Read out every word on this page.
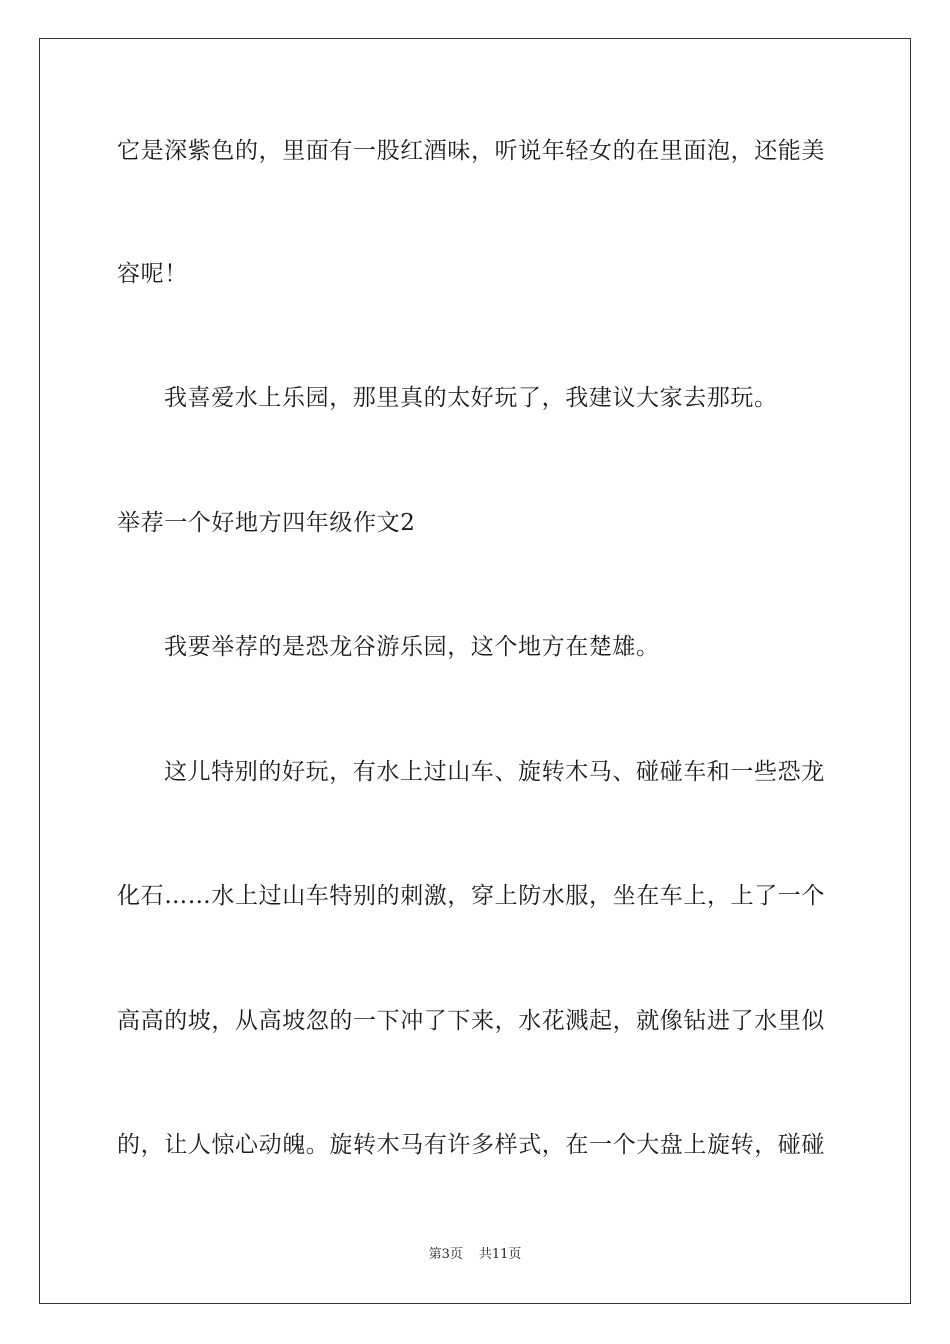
它是深紫色的，里面有一股红酒味，听说年轻女的在里面泡，还能美
容呢！
我喜爱水上乐园，那里真的太好玩了，我建议大家去那玩。
举荐一个好地方四年级作文2
我要举荐的是恐龙谷游乐园，这个地方在楚雄。
这儿特别的好玩，有水上过山车、旋转木马、碰碰车和一些恐龙
化石……水上过山车特别的刺激，穿上防水服，坐在车上，上了一个
高高的坡，从高坡忽的一下冲了下来，水花溅起，就像钻进了水里似
的，让人惊心动魄。旋转木马有许多样式，在一个大盘上旋转，碰碰
第3页 共11页
